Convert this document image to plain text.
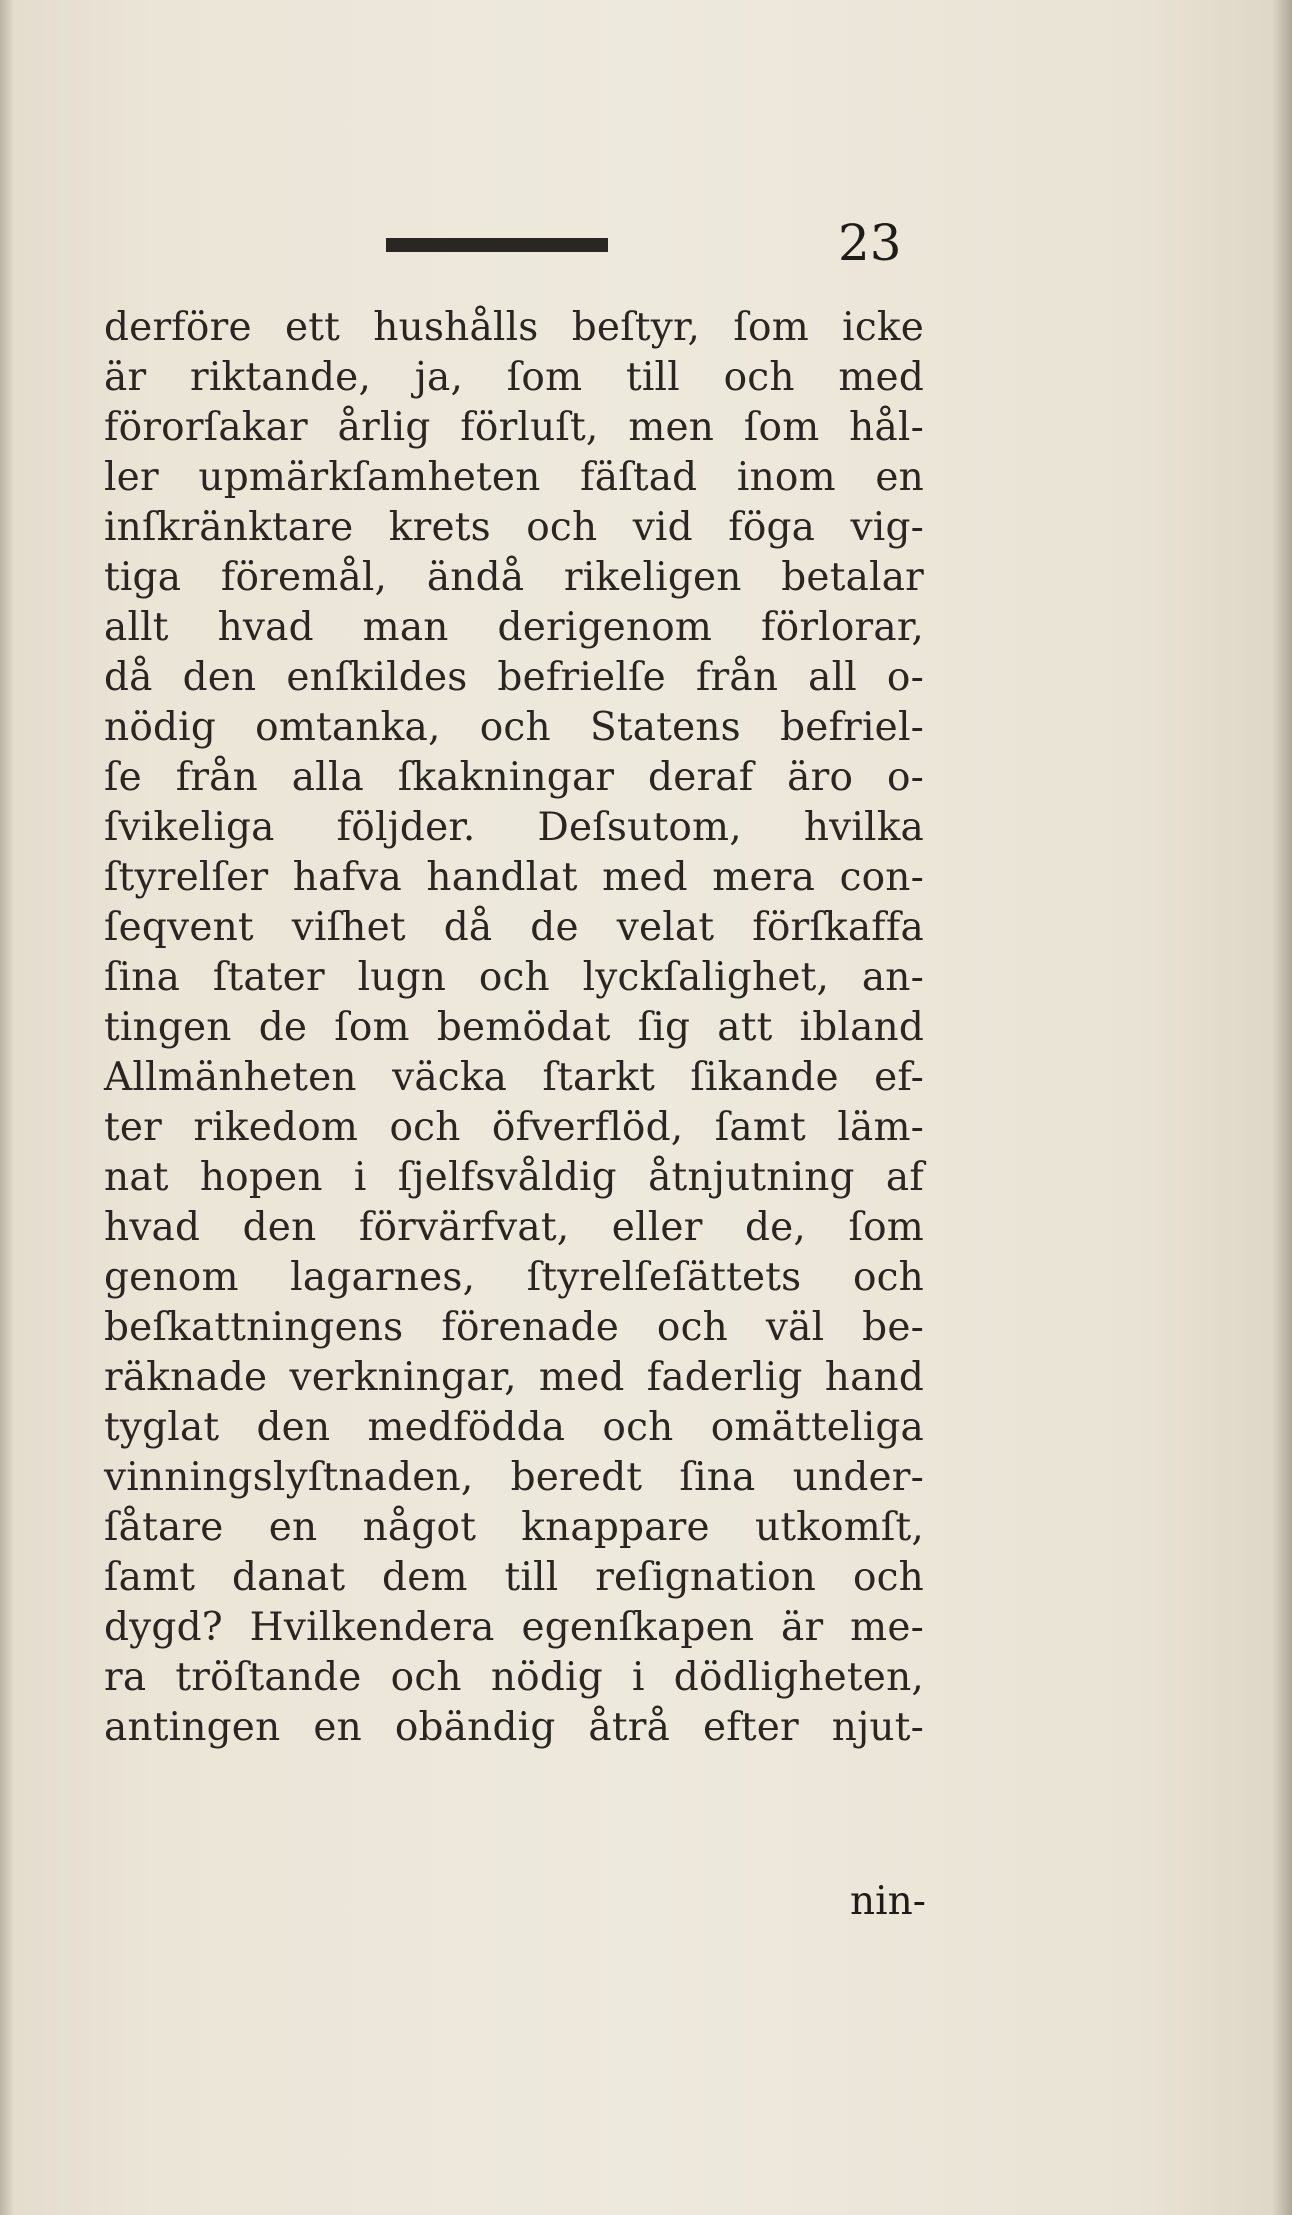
23
derföre ett hushålls beſtyr, ſom icke
är riktande, ja, ſom till och med
förorſakar årlig förluſt, men ſom hål-
ler upmärkſamheten fäſtad inom en
inſkränktare krets och vid föga vig-
tiga föremål, ändå rikeligen betalar
allt hvad man derigenom förlorar,
då den enſkildes befrielſe från all o-
nödig omtanka, och Statens befriel-
ſe från alla ſkakningar deraf äro o-
ſvikeliga följder. Deſsutom, hvilka
ſtyrelſer hafva handlat med mera con-
ſeqvent viſhet då de velat förſkaffa
ſina ſtater lugn och lyckſalighet, an-
tingen de ſom bemödat ſig att ibland
Allmänheten väcka ſtarkt ſikande ef-
ter rikedom och öfverflöd, ſamt läm-
nat hopen i ſjelfsvåldig åtnjutning af
hvad den förvärfvat, eller de, ſom
genom lagarnes, ſtyrelſeſättets och
beſkattningens förenade och väl be-
räknade verkningar, med faderlig hand
tyglat den medfödda och omätteliga
vinningslyſtnaden, beredt ſina under-
ſåtare en något knappare utkomſt,
ſamt danat dem till reſignation och
dygd? Hvilkendera egenſkapen är me-
ra tröſtande och nödig i dödligheten,
antingen en obändig åtrå efter njut-
nin-
